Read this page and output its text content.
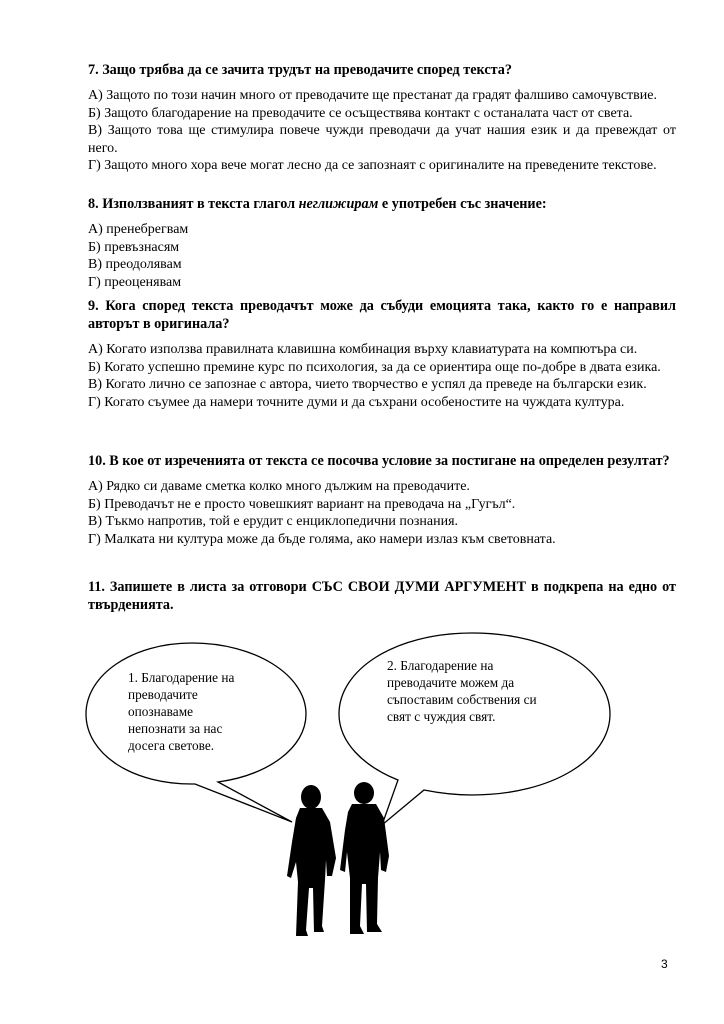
7. Защо трябва да се зачита трудът на преводачите според текста?

А) Защото по този начин много от преводачите ще престанат да градят фалшиво самочувствие.

Б) Защото благодарение на преводачите се осъществява контакт с останалата част от света.

В) Защото това ще стимулира повече чужди преводачи да учат нашия език и да превеждат от него.

Г) Защото много хора вече могат лесно да се запознаят с оригиналите на преведените текстове.

8. Използваният в текста глагол неглижирам е употребен със значение:

А) пренебрегвам

Б) превъзнасям

В) преодолявам

Г) преоценявам

9. Кога според текста преводачът може да събуди емоцията така, както го е направил авторът в оригинала?

А) Когато използва правилната клавишна комбинация върху клавиатурата на компютъра си.

Б) Когато успешно премине курс по психология, за да се ориентира още по-добре в двата езика.

В) Когато лично се запознае с автора, чието творчество е успял да преведе на български език.

Г) Когато съумее да намери точните думи и да съхрани особеностите на чуждата култура.

10. В кое от изреченията от текста се посочва условие за постигане на определен резултат?

А) Рядко си даваме сметка колко много дължим на преводачите.

Б) Преводачът не е просто човешкият вариант на преводача на „Гугъл“.

В) Тъкмо напротив, той е ерудит с енциклопедични познания.

Г) Малката ни култура може да бъде голяма, ако намери излаз към световната.

11. Запишете в листа за отговори СЪС СВОИ ДУМИ АРГУМЕНТ в подкрепа на едно от твърденията.

1. Благодарение на
преводачите
опознаваме
непознати за нас
досега светове.
2. Благодарение на
преводачите можем да
съпоставим собствения си
свят с чуждия свят.
3
